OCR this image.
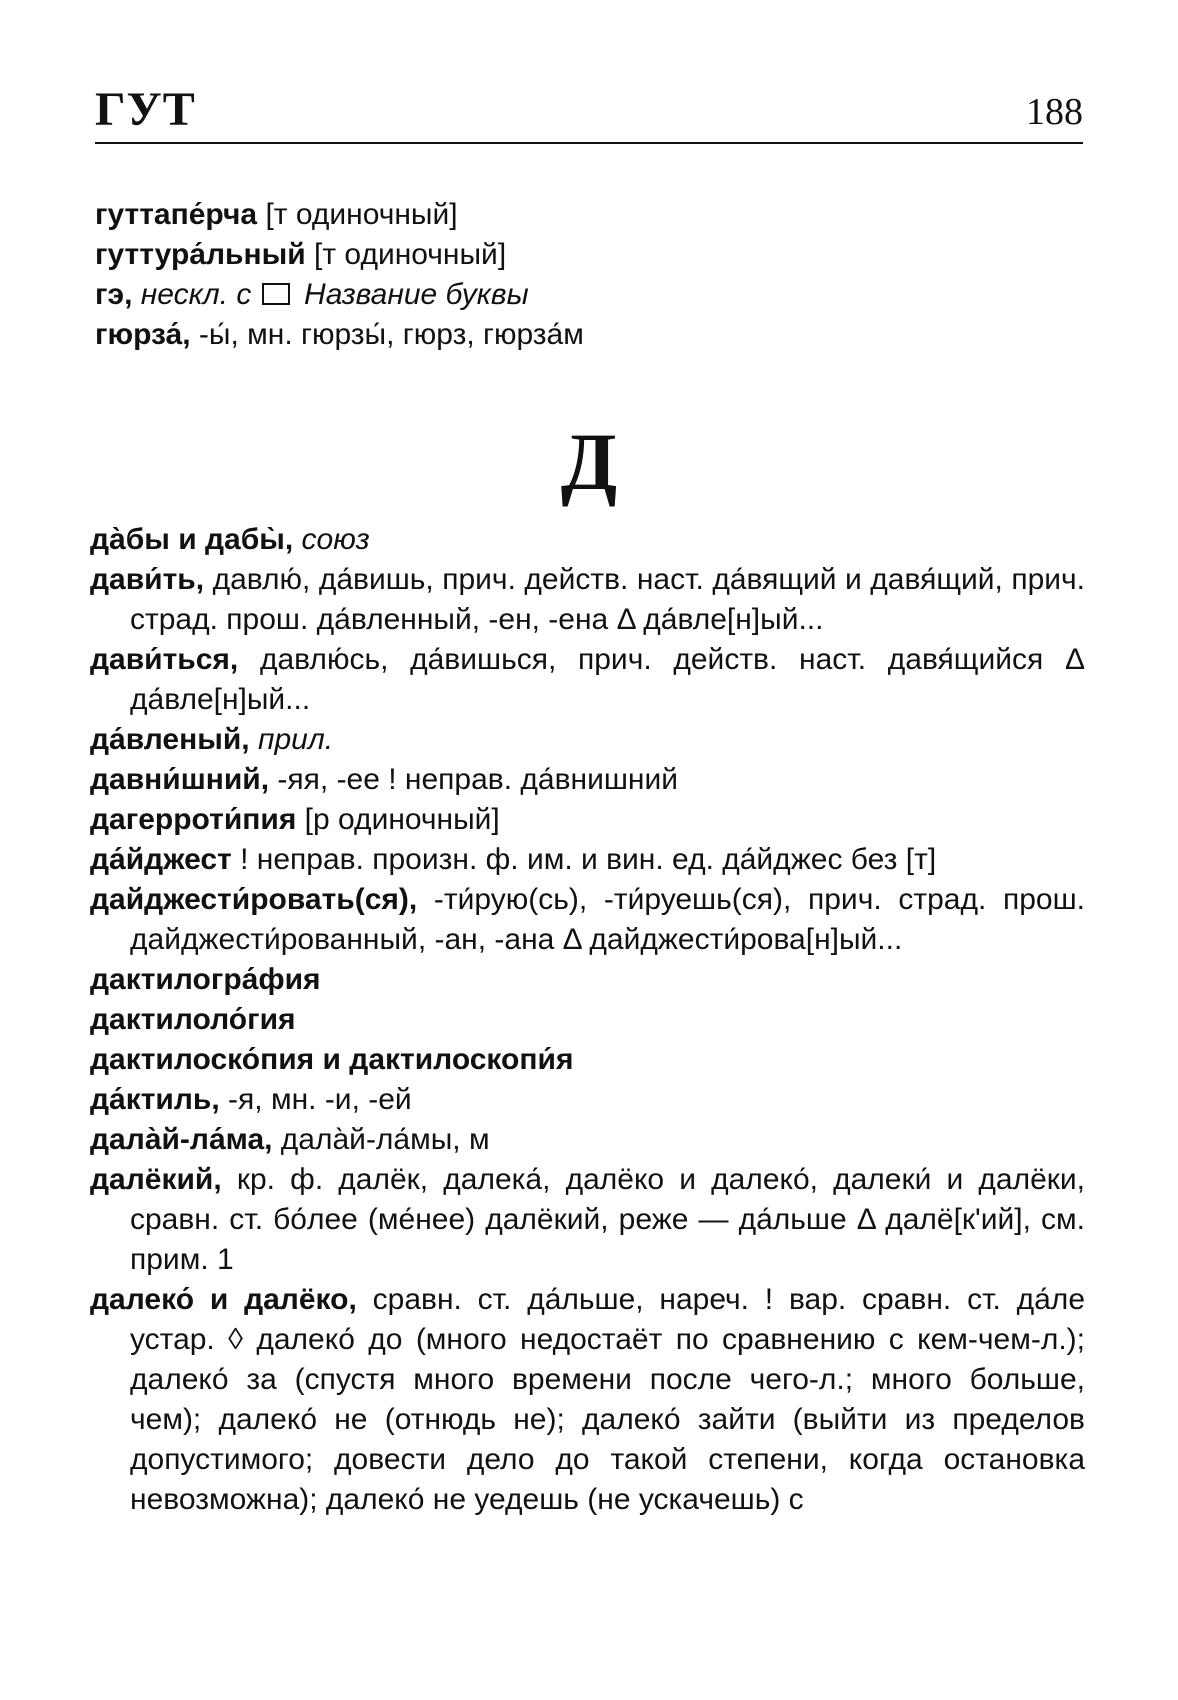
ГУТ	188

гуттапе́рча [т одиночный]

гуттура́льный [т одиночный]

гэ, нескл. с  Название буквы

гюрза́, -ы́, мн. гюрзы́, гюрз, гюрза́м

Д

да̀бы и дабы̀, союз

дави́ть, давлю́, да́вишь, прич. действ. наст. да́вящий и давя́щий, прич. страд. прош. да́вленный, -ен, -ена Δ да́вле[н]ый...

дави́ться, давлю́сь, да́вишься, прич. действ. наст. давя́щийся Δ да́вле[н]ый...

да́вленый, прил.

давни́шний, -яя, -ее ! неправ. да́внишний

дагерроти́пия [р одиночный]

да́йджест ! неправ. произн. ф. им. и вин. ед. да́йджес без [т]

дайджести́ровать(ся), -ти́рую(сь), -ти́руешь(ся), прич. страд. прош. дайджести́рованный, -ан, -ана Δ дайджести́рова[н]ый...

дактилогра́фия

дактилоло́гия

дактилоско́пия и дактилоскопи́я

да́ктиль, -я, мн. -и, -ей

дала̀й-ла́ма, дала̀й-ла́мы, м

далёкий, кр. ф. далёк, далека́, далёко и далеко́, далеки́ и далёки, сравн. ст. бо́лее (ме́нее) далёкий, реже — да́льше Δ далё[к'ий], см. прим. 1

далеко́ и далёко, сравн. ст. да́льше, нареч. ! вар. сравн. ст. да́ле устар. ◊ далеко́ до (много недостаёт по сравнению с кем-чем-л.); далеко́ за (спустя много времени после чего-л.; много больше, чем); далеко́ не (отнюдь не); далеко́ зайти (выйти из пределов допустимого; довести дело до такой степени, когда остановка невозможна); далеко́ не уедешь (не ускачешь) с
